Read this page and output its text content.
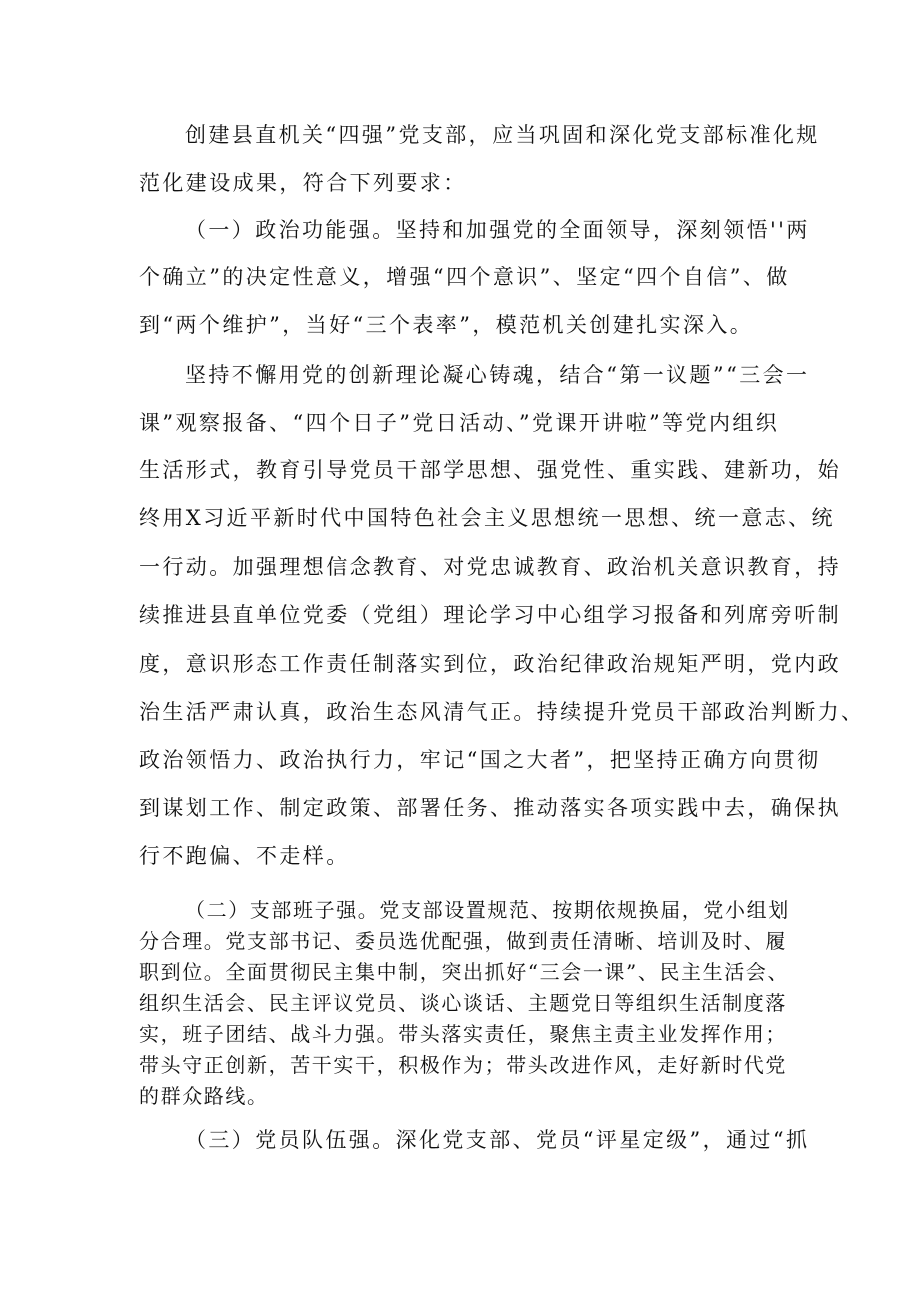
创建县直机关“四强”党支部，应当巩固和深化党支部标准化规
范化建设成果，符合下列要求：
（一）政治功能强。坚持和加强党的全面领导，深刻领悟''两
个确立”的决定性意义，增强“四个意识”、坚定“四个自信”、做
到“两个维护”，当好“三个表率”，模范机关创建扎实深入。
坚持不懈用党的创新理论凝心铸魂，结合“第一议题”“三会一
课”观察报备、“四个日子”党日活动、”党课开讲啦”等党内组织
生活形式，教育引导党员干部学思想、强党性、重实践、建新功，始
终用X习近平新时代中国特色社会主义思想统一思想、统一意志、统
一行动。加强理想信念教育、对党忠诚教育、政治机关意识教育，持
续推进县直单位党委（党组）理论学习中心组学习报备和列席旁听制
度，意识形态工作责任制落实到位，政治纪律政治规矩严明，党内政
治生活严肃认真，政治生态风清气正。持续提升党员干部政治判断力、
政治领悟力、政治执行力，牢记“国之大者”，把坚持正确方向贯彻
到谋划工作、制定政策、部署任务、推动落实各项实践中去，确保执
行不跑偏、不走样。
（二）支部班子强。党支部设置规范、按期依规换届，党小组划
分合理。党支部书记、委员选优配强，做到责任清晰、培训及时、履
职到位。全面贯彻民主集中制，突出抓好“三会一课”、民主生活会、
组织生活会、民主评议党员、谈心谈话、主题党日等组织生活制度落
实，班子团结、战斗力强。带头落实责任，聚焦主责主业发挥作用；
带头守正创新，苦干实干，积极作为；带头改进作风，走好新时代党
的群众路线。
（三）党员队伍强。深化党支部、党员“评星定级”，通过“抓
